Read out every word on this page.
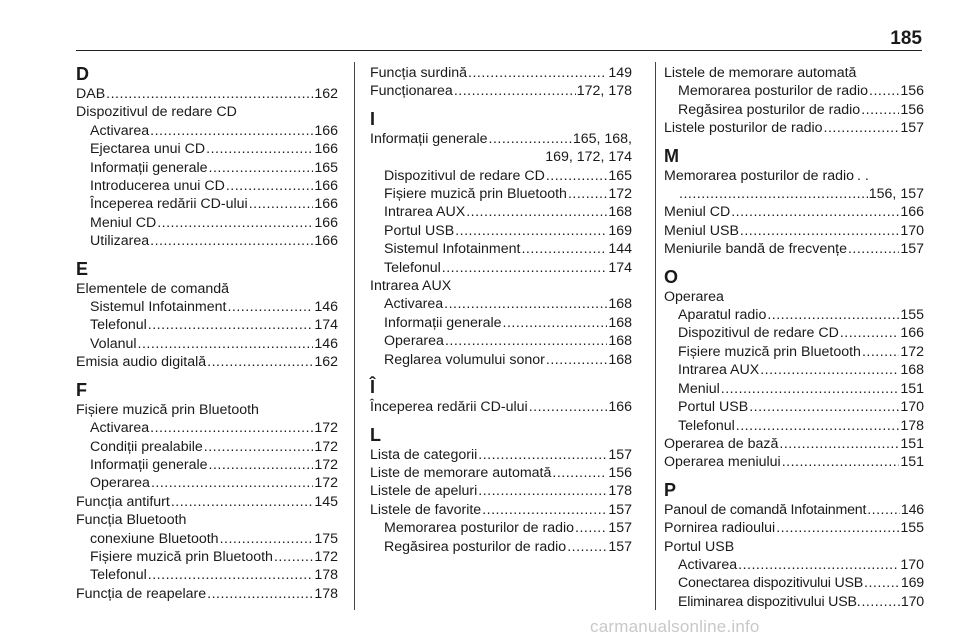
185
D
DAB .....	162
Dispozitivul de redare CD
Activarea .....	166
Ejectarea unui CD .....	166
Informații generale .....	165
Introducerea unui CD .....	166
Începerea redării CD-ului .....	166
Meniul CD .....	166
Utilizarea .....	166
E
Elementele de comandă
Sistemul Infotainment .....	146
Telefonul .....	174
Volanul .....	146
Emisia audio digitală .....	162
F
Fișiere muzică prin Bluetooth
Activarea .....	172
Condiții prealabile .....	172
Informații generale .....	172
Operarea .....	172
Funcția antifurt .....	145
Funcția Bluetooth
conexiune Bluetooth .....	175
Fișiere muzică prin Bluetooth .....	172
Telefonul .....	178
Funcția de reapelare .....	178
Funcția surdină .....	149
Funcționarea .....	172, 178
I
Informații generale .....	165, 168,
169, 172, 174
Dispozitivul de redare CD .....	165
Fișiere muzică prin Bluetooth .....	172
Intrarea AUX .....	168
Portul USB .....	169
Sistemul Infotainment .....	144
Telefonul .....	174
Intrarea AUX
Activarea .....	168
Informații generale .....	168
Operarea .....	168
Reglarea volumului sonor .....	168
Î
Începerea redării CD-ului .....	166
L
Lista de categorii .....	157
Liste de memorare automată .....	156
Listele de apeluri .....	178
Listele de favorite .....	157
Memorarea posturilor de radio ..... 157
Regăsirea posturilor de radio .....	157
Listele de memorare automată
Memorarea posturilor de radio ..... 156
Regăsirea posturilor de radio .....	156
Listele posturilor de radio .....	157
M
Memorarea posturilor de radio . .
.....
156, 157
Meniul CD .....	166
Meniul USB .....	170
Meniurile bandă de frecvențe .....	157
O
Operarea
Aparatul radio .....	155
Dispozitivul de redare CD .....	166
Fișiere muzică prin Bluetooth .....	172
Intrarea AUX .....	168
Meniul .....	151
Portul USB .....	170
Telefonul .....	178
Operarea de bază .....	151
Operarea meniului .....	151
P
Panoul de comandă Infotainment ..... 146
Pornirea radioului .....	155
Portul USB
Activarea .....	170
Conectarea dispozitivului USB .....	169
Eliminarea dispozitivului USB. .....	170
carmanualsonline.info
